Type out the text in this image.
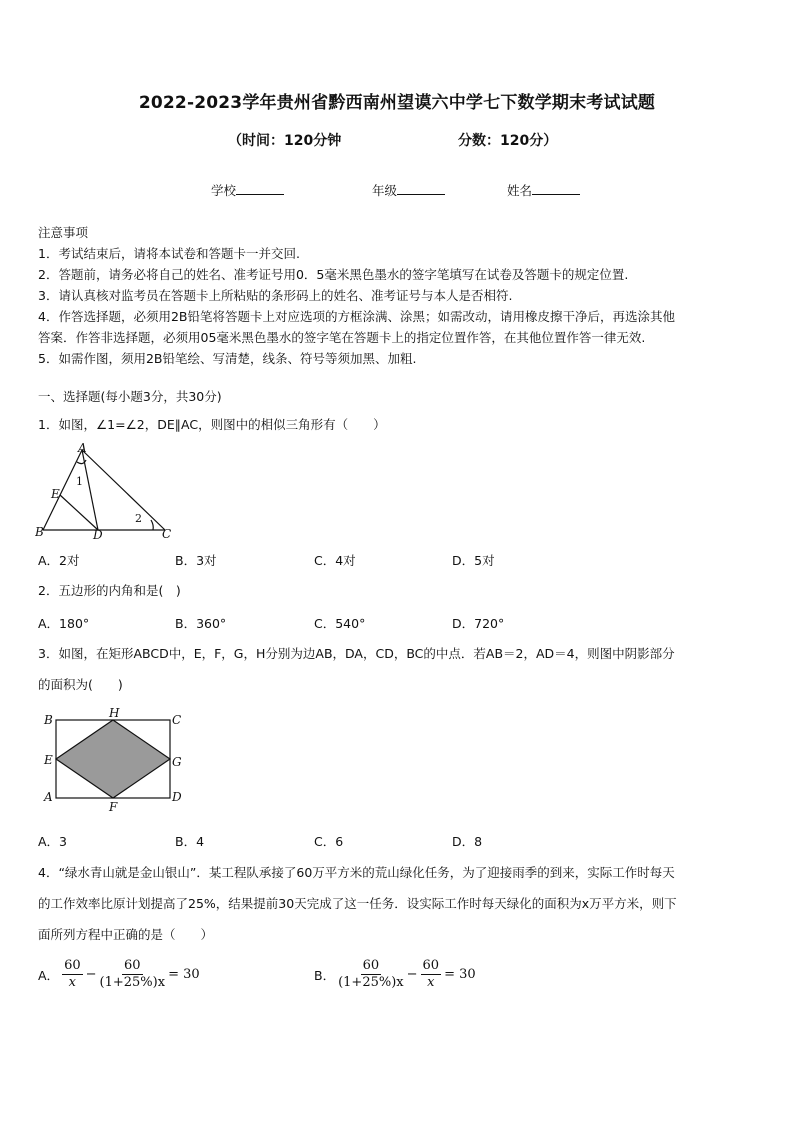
2022-2023学年贵州省黔西南州望谟六中学七下数学期末考试试题
（时间：120分钟	分数：120分）
学校	年级	姓名

注意事项

1．考试结束后，请将本试卷和答题卡一并交回.

2．答题前，请务必将自己的姓名、准考证号用0．5毫米黑色墨水的签字笔填写在试卷及答题卡的规定位置.

3．请认真核对监考员在答题卡上所粘贴的条形码上的姓名、准考证号与本人是否相符.

4．作答选择题，必须用2B铅笔将答题卡上对应选项的方框涂满、涂黑；如需改动，请用橡皮擦干净后，再选涂其他

答案．作答非选择题，必须用05毫米黑色墨水的签字笔在答题卡上的指定位置作答，在其他位置作答一律无效.

5．如需作图，须用2B铅笔绘、写清楚，线条、符号等须加黑、加粗.

一、选择题(每小题3分，共30分)
1．如图，∠1=∠2，DE∥AC，则图中的相似三角形有（　　）
A
B	C
D
E
1
2
A．2对	B．3对	C．4对	D．5对
2．五边形的内角和是(　)
A．180°	B．360°	C．540°	D．720°
3．如图，在矩形ABCD中，E，F，G，H分别为边AB，DA，CD，BC的中点．若AB＝2，AD＝4，则图中阴影部分
的面积为(　　)
B	C
A	D
E	G
H
F
A．3	B．4	C．6	D．8
4．“绿水青山就是金山银山”．某工程队承接了60万平方米的荒山绿化任务，为了迎接雨季的到来，实际工作时每天
的工作效率比原计划提高了25%，结果提前30天完成了这一任务．设实际工作时每天绿化的面积为x万平方米，则下
面所列方程中正确的是（　　）
A． $\frac{60}{x} - \frac{60}{(1+25\%)x} = 30$	B． $\frac{60}{(1+25\%)x} - \frac{60}{x} = 30$
